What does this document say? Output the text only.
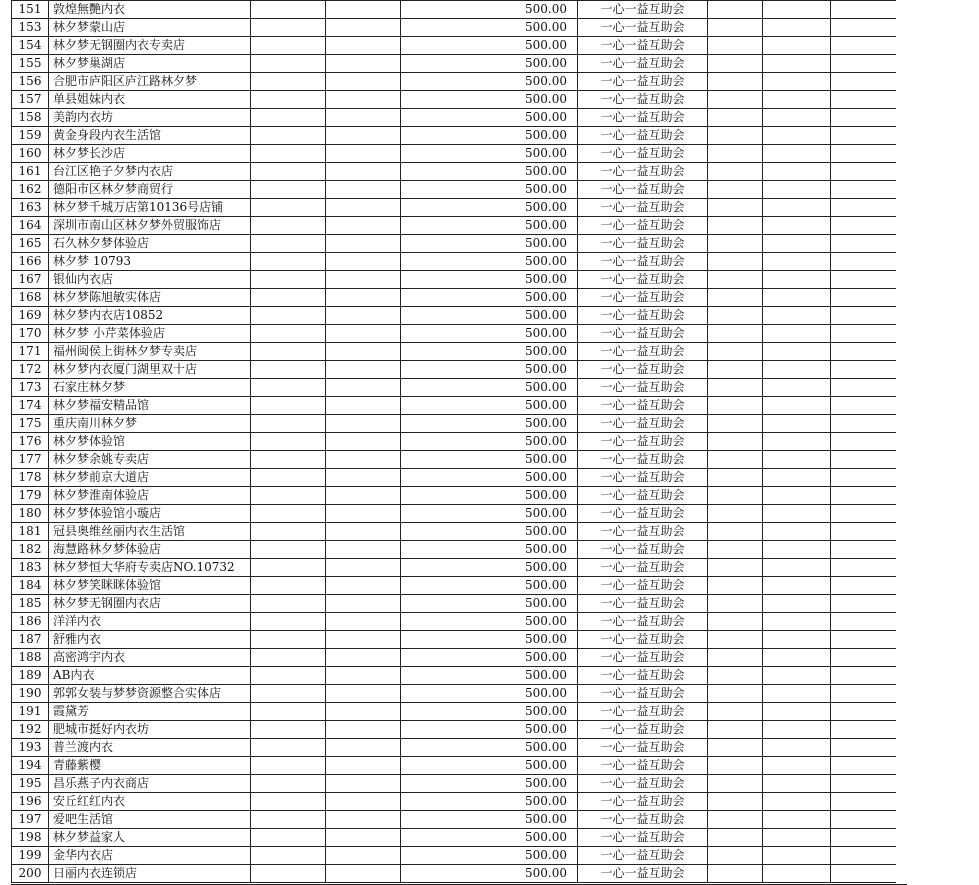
151	敦煌無艷内衣			500.00	一心一益互助会			
153	林夕梦蒙山店			500.00	一心一益互助会			
154	林夕梦无钢圈内衣专卖店			500.00	一心一益互助会			
155	林夕梦巢湖店			500.00	一心一益互助会			
156	合肥市庐阳区庐江路林夕梦			500.00	一心一益互助会			
157	单县姐妹内衣			500.00	一心一益互助会			
158	美韵内衣坊			500.00	一心一益互助会			
159	黄金身段内衣生活馆			500.00	一心一益互助会			
160	林夕梦长沙店			500.00	一心一益互助会			
161	台江区艳子夕梦内衣店			500.00	一心一益互助会			
162	德阳市区林夕梦商贸行			500.00	一心一益互助会			
163	林夕梦千城万店第10136号店铺			500.00	一心一益互助会			
164	深圳市南山区林夕梦外贸服饰店			500.00	一心一益互助会			
165	石久林夕梦体验店			500.00	一心一益互助会			
166	林夕梦 10793			500.00	一心一益互助会			
167	银仙内衣店			500.00	一心一益互助会			
168	林夕梦陈旭敏实体店			500.00	一心一益互助会			
169	林夕梦内衣店10852			500.00	一心一益互助会			
170	林夕梦 小芹菜体验店			500.00	一心一益互助会			
171	福州闽侯上街林夕梦专卖店			500.00	一心一益互助会			
172	林夕梦内衣厦门湖里双十店			500.00	一心一益互助会			
173	石家庄林夕梦			500.00	一心一益互助会			
174	林夕梦福安精品馆			500.00	一心一益互助会			
175	重庆南川林夕梦			500.00	一心一益互助会			
176	林夕梦体验馆			500.00	一心一益互助会			
177	林夕梦余姚专卖店			500.00	一心一益互助会			
178	林夕梦前京大道店			500.00	一心一益互助会			
179	林夕梦淮南体验店			500.00	一心一益互助会			
180	林夕梦体验馆小璇店			500.00	一心一益互助会			
181	冠县奥维丝丽内衣生活馆			500.00	一心一益互助会			
182	海慧路林夕梦体验店			500.00	一心一益互助会			
183	林夕梦恒大华府专卖店NO.10732			500.00	一心一益互助会			
184	林夕梦笑眯眯体验馆			500.00	一心一益互助会			
185	林夕梦无钢圈内衣店			500.00	一心一益互助会			
186	洋洋内衣			500.00	一心一益互助会			
187	舒雅内衣			500.00	一心一益互助会			
188	高密鸿宇内衣			500.00	一心一益互助会			
189	AB内衣			500.00	一心一益互助会			
190	郭郭女装与梦梦资源整合实体店			500.00	一心一益互助会			
191	霞黛芳			500.00	一心一益互助会			
192	肥城市挺好内衣坊			500.00	一心一益互助会			
193	普兰渡内衣			500.00	一心一益互助会			
194	青藤紫樱			500.00	一心一益互助会			
195	昌乐燕子内衣商店			500.00	一心一益互助会			
196	安丘红红内衣			500.00	一心一益互助会			
197	爱吧生活馆			500.00	一心一益互助会			
198	林夕梦益家人			500.00	一心一益互助会			
199	金华内衣店			500.00	一心一益互助会			
200	日丽内衣连锁店			500.00	一心一益互助会			
